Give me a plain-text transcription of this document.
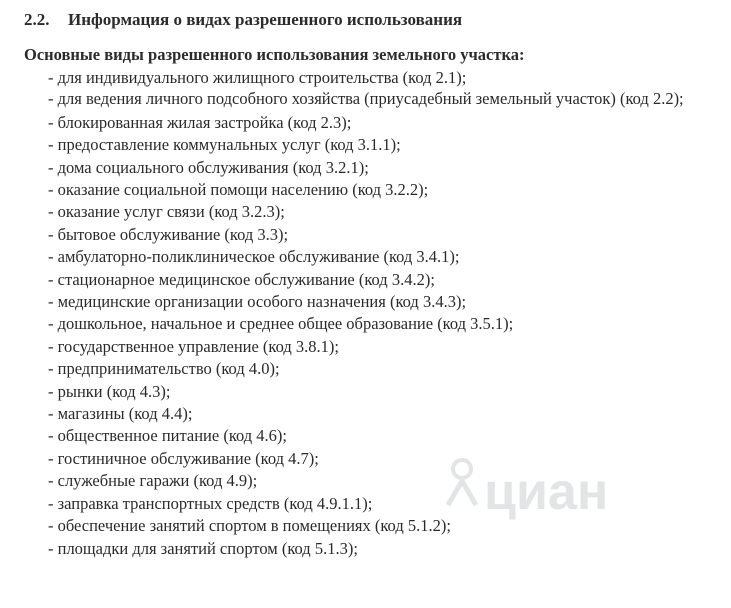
2.2. Информация о видах разрешенного использования
Основные виды разрешенного использования земельного участка:
- для индивидуального жилищного строительства (код 2.1);
- для ведения личного подсобного хозяйства (приусадебный земельный участок) (код 2.2);
- блокированная жилая застройка (код 2.3);
- предоставление коммунальных услуг (код 3.1.1);
- дома социального обслуживания (код 3.2.1);
- оказание социальной помощи населению (код 3.2.2);
- оказание услуг связи (код 3.2.3);
- бытовое обслуживание (код 3.3);
- амбулаторно-поликлиническое обслуживание (код 3.4.1);
- стационарное медицинское обслуживание (код 3.4.2);
- медицинские организации особого назначения (код 3.4.3);
- дошкольное, начальное и среднее общее образование (код 3.5.1);
- государственное управление (код 3.8.1);
- предпринимательство (код 4.0);
- рынки (код 4.3);
- магазины (код 4.4);
- общественное питание (код 4.6);
- гостиничное обслуживание (код 4.7);
- служебные гаражи (код 4.9);
- заправка транспортных средств (код 4.9.1.1);
- обеспечение занятий спортом в помещениях (код 5.1.2);
- площадки для занятий спортом (код 5.1.3);
циан
